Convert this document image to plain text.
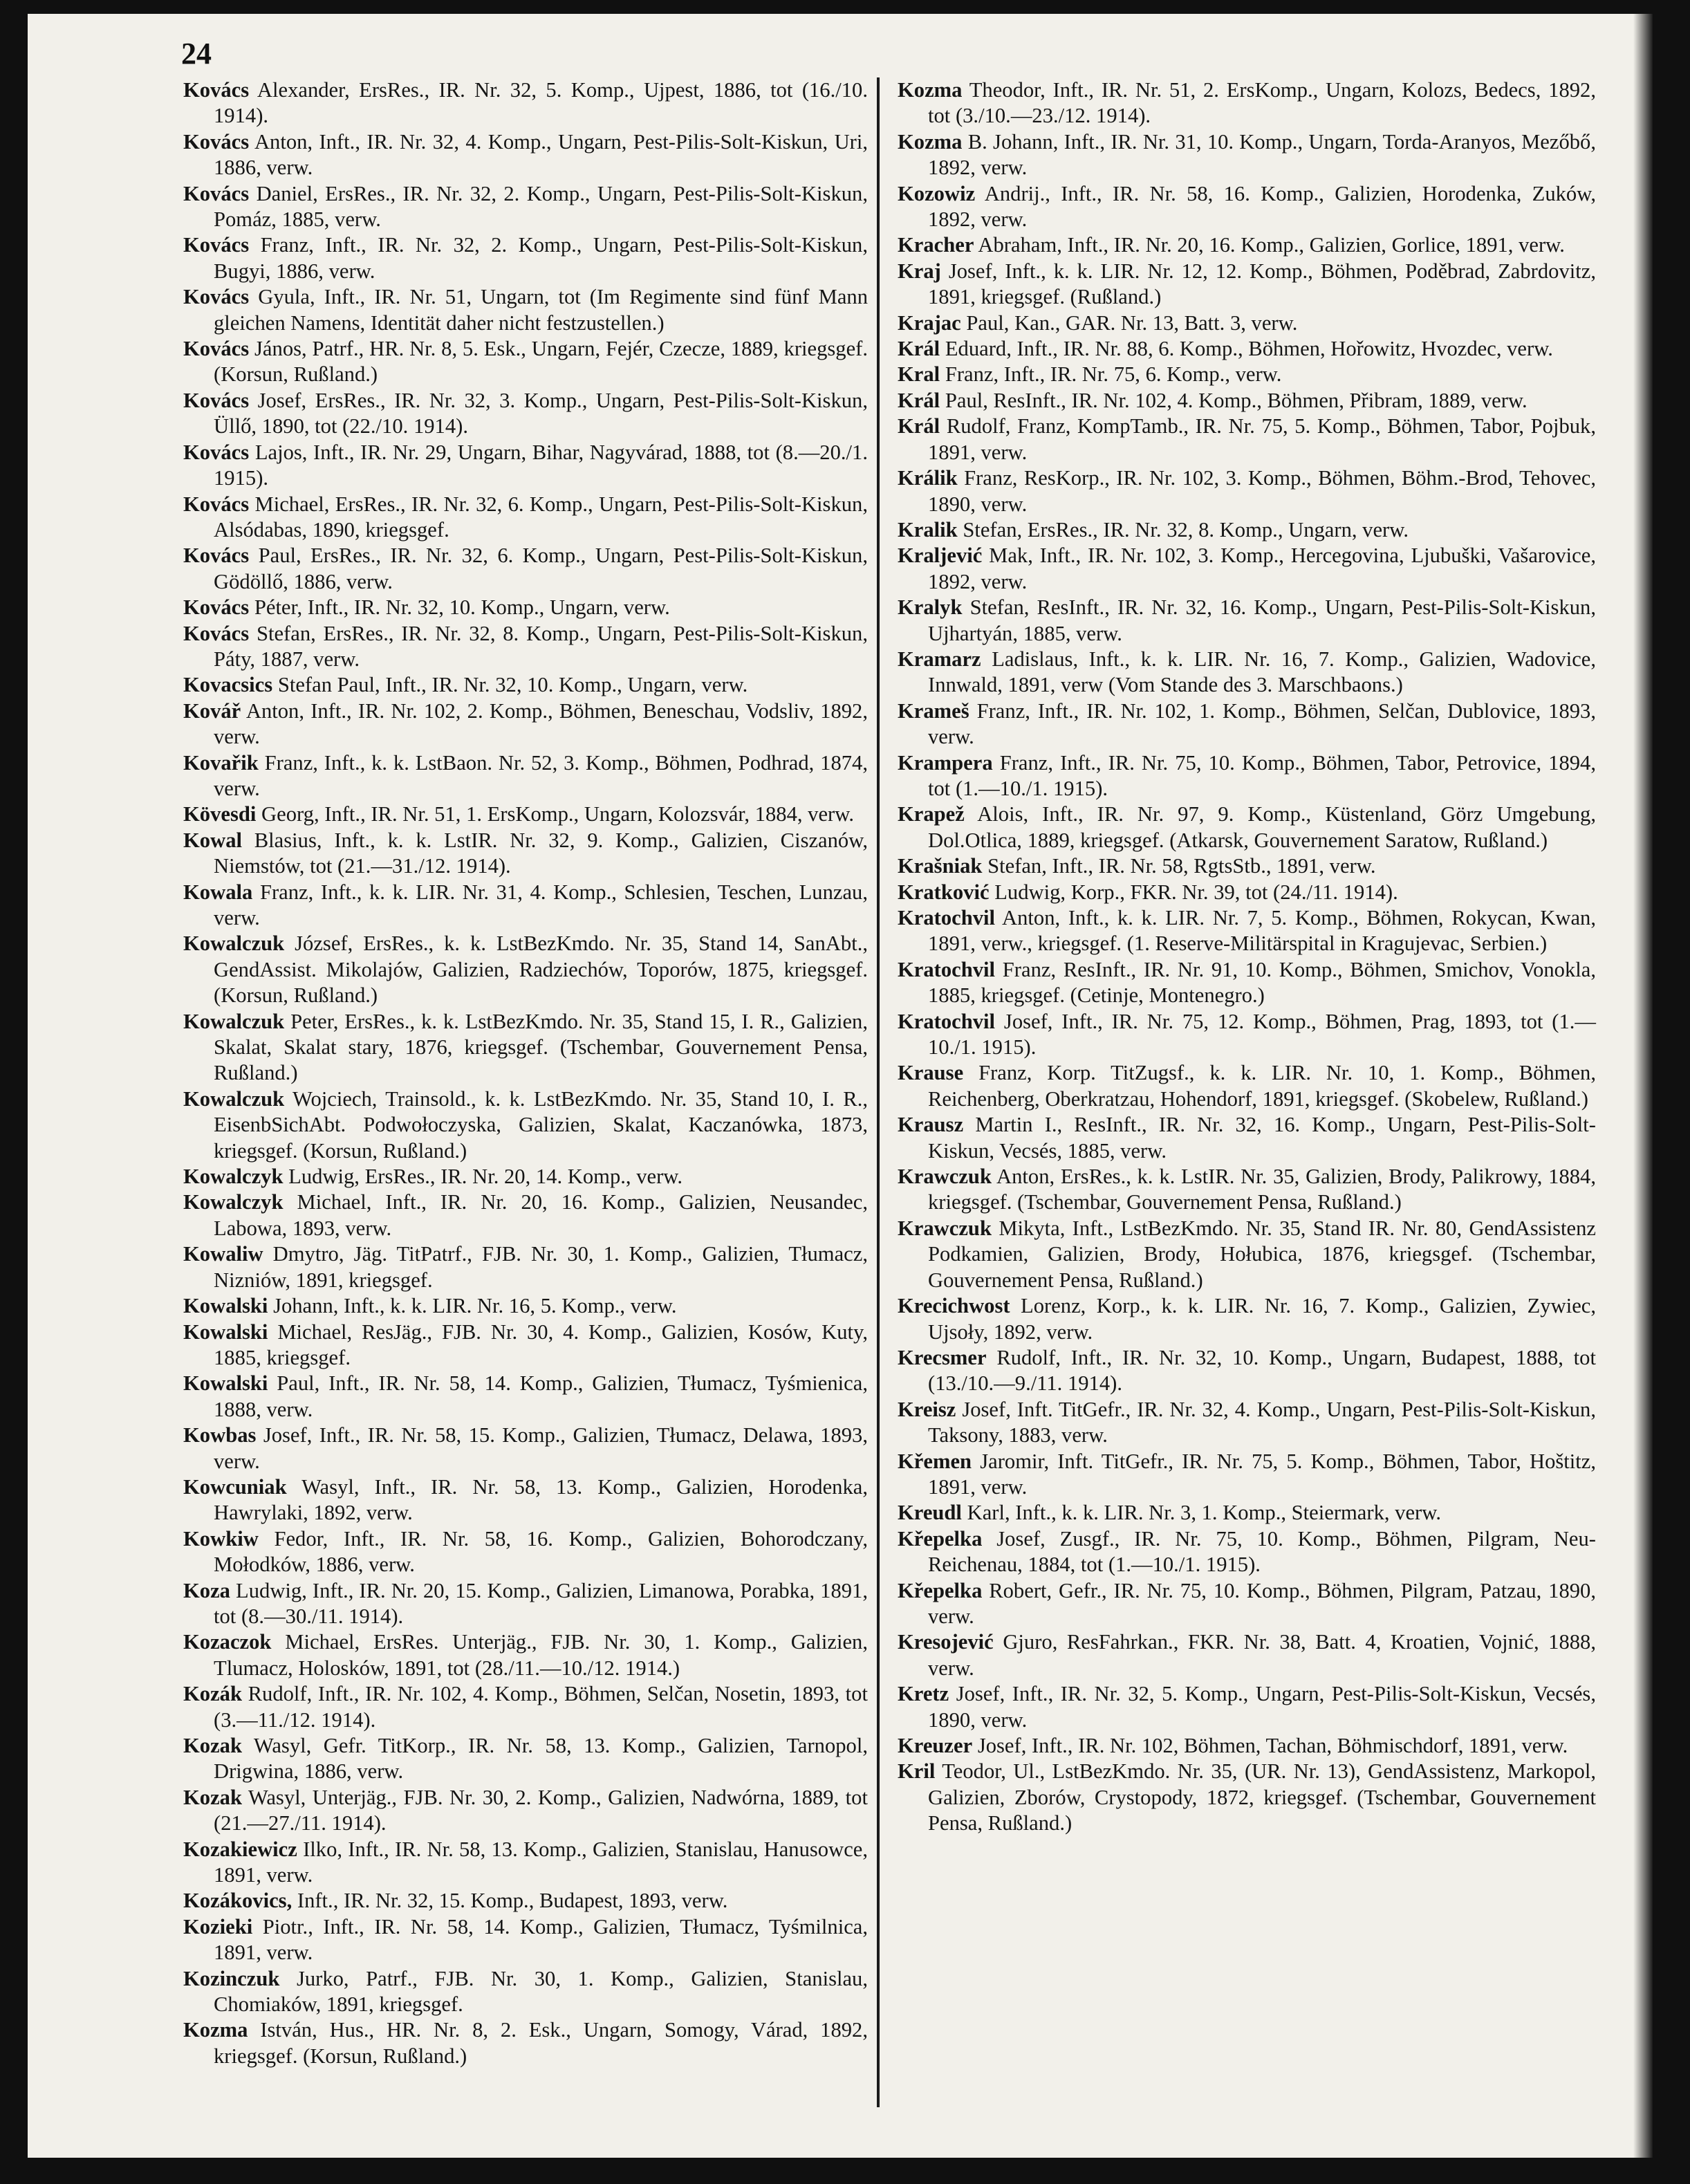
24

Kovács Alexander, ErsRes., IR. Nr. 32, 5. Komp., Ujpest, 1886, tot (16./10. 1914).

Kovács Anton, Inft., IR. Nr. 32, 4. Komp., Ungarn, Pest-Pilis-Solt-Kiskun, Uri, 1886, verw.

Kovács Daniel, ErsRes., IR. Nr. 32, 2. Komp., Ungarn, Pest-Pilis-Solt-Kiskun, Pomáz, 1885, verw.

Kovács Franz, Inft., IR. Nr. 32, 2. Komp., Ungarn, Pest-Pilis-Solt-Kiskun, Bugyi, 1886, verw.

Kovács Gyula, Inft., IR. Nr. 51, Ungarn, tot (Im Regimente sind fünf Mann gleichen Namens, Identität daher nicht festzustellen.)

Kovács János, Patrf., HR. Nr. 8, 5. Esk., Ungarn, Fejér, Czecze, 1889, kriegsgef. (Korsun, Rußland.)

Kovács Josef, ErsRes., IR. Nr. 32, 3. Komp., Ungarn, Pest-Pilis-Solt-Kiskun, Üllő, 1890, tot (22./10. 1914).

Kovács Lajos, Inft., IR. Nr. 29, Ungarn, Bihar, Nagyvárad, 1888, tot (8.—20./1. 1915).

Kovács Michael, ErsRes., IR. Nr. 32, 6. Komp., Ungarn, Pest-Pilis-Solt-Kiskun, Alsódabas, 1890, kriegsgef.

Kovács Paul, ErsRes., IR. Nr. 32, 6. Komp., Ungarn, Pest-Pilis-Solt-Kiskun, Gödöllő, 1886, verw.

Kovács Péter, Inft., IR. Nr. 32, 10. Komp., Ungarn, verw.

Kovács Stefan, ErsRes., IR. Nr. 32, 8. Komp., Ungarn, Pest-Pilis-Solt-Kiskun, Páty, 1887, verw.

Kovacsics Stefan Paul, Inft., IR. Nr. 32, 10. Komp., Ungarn, verw.

Kovář Anton, Inft., IR. Nr. 102, 2. Komp., Böhmen, Beneschau, Vodsliv, 1892, verw.

Kovařik Franz, Inft., k. k. LstBaon. Nr. 52, 3. Komp., Böhmen, Podhrad, 1874, verw.

Kövesdi Georg, Inft., IR. Nr. 51, 1. ErsKomp., Ungarn, Kolozsvár, 1884, verw.

Kowal Blasius, Inft., k. k. LstIR. Nr. 32, 9. Komp., Galizien, Ciszanów, Niemstów, tot (21.—31./12. 1914).

Kowala Franz, Inft., k. k. LIR. Nr. 31, 4. Komp., Schlesien, Teschen, Lunzau, verw.

Kowalczuk József, ErsRes., k. k. LstBezKmdo. Nr. 35, Stand 14, SanAbt., GendAssist. Mikolajów, Galizien, Radziechów, Toporów, 1875, kriegsgef. (Korsun, Rußland.)

Kowalczuk Peter, ErsRes., k. k. LstBezKmdo. Nr. 35, Stand 15, I. R., Galizien, Skalat, Skalat stary, 1876, kriegsgef. (Tschembar, Gouvernement Pensa, Rußland.)

Kowalczuk Wojciech, Trainsold., k. k. LstBezKmdo. Nr. 35, Stand 10, I. R., EisenbSichAbt. Podwołoczyska, Galizien, Skalat, Kaczanówka, 1873, kriegsgef. (Korsun, Rußland.)

Kowalczyk Ludwig, ErsRes., IR. Nr. 20, 14. Komp., verw.

Kowalczyk Michael, Inft., IR. Nr. 20, 16. Komp., Galizien, Neusandec, Labowa, 1893, verw.

Kowaliw Dmytro, Jäg. TitPatrf., FJB. Nr. 30, 1. Komp., Galizien, Tłumacz, Nizniów, 1891, kriegsgef.

Kowalski Johann, Inft., k. k. LIR. Nr. 16, 5. Komp., verw.

Kowalski Michael, ResJäg., FJB. Nr. 30, 4. Komp., Galizien, Kosów, Kuty, 1885, kriegsgef.

Kowalski Paul, Inft., IR. Nr. 58, 14. Komp., Galizien, Tłumacz, Tyśmienica, 1888, verw.

Kowbas Josef, Inft., IR. Nr. 58, 15. Komp., Galizien, Tłumacz, Delawa, 1893, verw.

Kowcuniak Wasyl, Inft., IR. Nr. 58, 13. Komp., Galizien, Horodenka, Hawrylaki, 1892, verw.

Kowkiw Fedor, Inft., IR. Nr. 58, 16. Komp., Galizien, Bohorodczany, Mołodków, 1886, verw.

Koza Ludwig, Inft., IR. Nr. 20, 15. Komp., Galizien, Limanowa, Porabka, 1891, tot (8.—30./11. 1914).

Kozaczok Michael, ErsRes. Unterjäg., FJB. Nr. 30, 1. Komp., Galizien, Tlumacz, Holosków, 1891, tot (28./11.—10./12. 1914.)

Kozák Rudolf, Inft., IR. Nr. 102, 4. Komp., Böhmen, Selčan, Nosetin, 1893, tot (3.—11./12. 1914).

Kozak Wasyl, Gefr. TitKorp., IR. Nr. 58, 13. Komp., Galizien, Tarnopol, Drigwina, 1886, verw.

Kozak Wasyl, Unterjäg., FJB. Nr. 30, 2. Komp., Galizien, Nadwórna, 1889, tot (21.—27./11. 1914).

Kozakiewicz Ilko, Inft., IR. Nr. 58, 13. Komp., Galizien, Stanislau, Hanusowce, 1891, verw.

Kozákovics, Inft., IR. Nr. 32, 15. Komp., Budapest, 1893, verw.

Kozieki Piotr., Inft., IR. Nr. 58, 14. Komp., Galizien, Tłumacz, Tyśmilnica, 1891, verw.

Kozinczuk Jurko, Patrf., FJB. Nr. 30, 1. Komp., Galizien, Stanislau, Chomiaków, 1891, kriegsgef.

Kozma István, Hus., HR. Nr. 8, 2. Esk., Ungarn, Somogy, Várad, 1892, kriegsgef. (Korsun, Rußland.)

Kozma Theodor, Inft., IR. Nr. 51, 2. ErsKomp., Ungarn, Kolozs, Bedecs, 1892, tot (3./10.—23./12. 1914).

Kozma B. Johann, Inft., IR. Nr. 31, 10. Komp., Ungarn, Torda-Aranyos, Mezőbő, 1892, verw.

Kozowiz Andrij., Inft., IR. Nr. 58, 16. Komp., Galizien, Horodenka, Zuków, 1892, verw.

Kracher Abraham, Inft., IR. Nr. 20, 16. Komp., Galizien, Gorlice, 1891, verw.

Kraj Josef, Inft., k. k. LIR. Nr. 12, 12. Komp., Böhmen, Poděbrad, Zabrdovitz, 1891, kriegsgef. (Rußland.)

Krajac Paul, Kan., GAR. Nr. 13, Batt. 3, verw.

Král Eduard, Inft., IR. Nr. 88, 6. Komp., Böhmen, Hořowitz, Hvozdec, verw.

Kral Franz, Inft., IR. Nr. 75, 6. Komp., verw.

Král Paul, ResInft., IR. Nr. 102, 4. Komp., Böhmen, Přibram, 1889, verw.

Král Rudolf, Franz, KompTamb., IR. Nr. 75, 5. Komp., Böhmen, Tabor, Pojbuk, 1891, verw.

Králik Franz, ResKorp., IR. Nr. 102, 3. Komp., Böhmen, Böhm.-Brod, Tehovec, 1890, verw.

Kralik Stefan, ErsRes., IR. Nr. 32, 8. Komp., Ungarn, verw.

Kraljević Mak, Inft., IR. Nr. 102, 3. Komp., Hercegovina, Ljubuški, Vašarovice, 1892, verw.

Kralyk Stefan, ResInft., IR. Nr. 32, 16. Komp., Ungarn, Pest-Pilis-Solt-Kiskun, Ujhartyán, 1885, verw.

Kramarz Ladislaus, Inft., k. k. LIR. Nr. 16, 7. Komp., Galizien, Wadovice, Innwald, 1891, verw (Vom Stande des 3. Marschbaons.)

Krameš Franz, Inft., IR. Nr. 102, 1. Komp., Böhmen, Selčan, Dublovice, 1893, verw.

Krampera Franz, Inft., IR. Nr. 75, 10. Komp., Böhmen, Tabor, Petrovice, 1894, tot (1.—10./1. 1915).

Krapež Alois, Inft., IR. Nr. 97, 9. Komp., Küstenland, Görz Umgebung, Dol.Otlica, 1889, kriegsgef. (Atkarsk, Gouvernement Saratow, Rußland.)

Krašniak Stefan, Inft., IR. Nr. 58, RgtsStb., 1891, verw.

Kratković Ludwig, Korp., FKR. Nr. 39, tot (24./11. 1914).

Kratochvil Anton, Inft., k. k. LIR. Nr. 7, 5. Komp., Böhmen, Rokycan, Kwan, 1891, verw., kriegsgef. (1. Reserve-Militärspital in Kragujevac, Serbien.)

Kratochvil Franz, ResInft., IR. Nr. 91, 10. Komp., Böhmen, Smichov, Vonokla, 1885, kriegsgef. (Cetinje, Montenegro.)

Kratochvil Josef, Inft., IR. Nr. 75, 12. Komp., Böhmen, Prag, 1893, tot (1.—10./1. 1915).

Krause Franz, Korp. TitZugsf., k. k. LIR. Nr. 10, 1. Komp., Böhmen, Reichenberg, Oberkratzau, Hohendorf, 1891, kriegsgef. (Skobelew, Rußland.)

Krausz Martin I., ResInft., IR. Nr. 32, 16. Komp., Ungarn, Pest-Pilis-Solt-Kiskun, Vecsés, 1885, verw.

Krawczuk Anton, ErsRes., k. k. LstIR. Nr. 35, Galizien, Brody, Palikrowy, 1884, kriegsgef. (Tschembar, Gouvernement Pensa, Rußland.)

Krawczuk Mikyta, Inft., LstBezKmdo. Nr. 35, Stand IR. Nr. 80, GendAssistenz Podkamien, Galizien, Brody, Hołubica, 1876, kriegsgef. (Tschembar, Gouvernement Pensa, Rußland.)

Krecichwost Lorenz, Korp., k. k. LIR. Nr. 16, 7. Komp., Galizien, Zywiec, Ujsoły, 1892, verw.

Krecsmer Rudolf, Inft., IR. Nr. 32, 10. Komp., Ungarn, Budapest, 1888, tot (13./10.—9./11. 1914).

Kreisz Josef, Inft. TitGefr., IR. Nr. 32, 4. Komp., Ungarn, Pest-Pilis-Solt-Kiskun, Taksony, 1883, verw.

Křemen Jaromir, Inft. TitGefr., IR. Nr. 75, 5. Komp., Böhmen, Tabor, Hoštitz, 1891, verw.

Kreudl Karl, Inft., k. k. LIR. Nr. 3, 1. Komp., Steiermark, verw.

Křepelka Josef, Zusgf., IR. Nr. 75, 10. Komp., Böhmen, Pilgram, Neu-Reichenau, 1884, tot (1.—10./1. 1915).

Křepelka Robert, Gefr., IR. Nr. 75, 10. Komp., Böhmen, Pilgram, Patzau, 1890, verw.

Kresojević Gjuro, ResFahrkan., FKR. Nr. 38, Batt. 4, Kroatien, Vojnić, 1888, verw.

Kretz Josef, Inft., IR. Nr. 32, 5. Komp., Ungarn, Pest-Pilis-Solt-Kiskun, Vecsés, 1890, verw.

Kreuzer Josef, Inft., IR. Nr. 102, Böhmen, Tachan, Böhmischdorf, 1891, verw.

Kril Teodor, Ul., LstBezKmdo. Nr. 35, (UR. Nr. 13), GendAssistenz, Markopol, Galizien, Zborów, Crystopody, 1872, kriegsgef. (Tschembar, Gouvernement Pensa, Rußland.)
